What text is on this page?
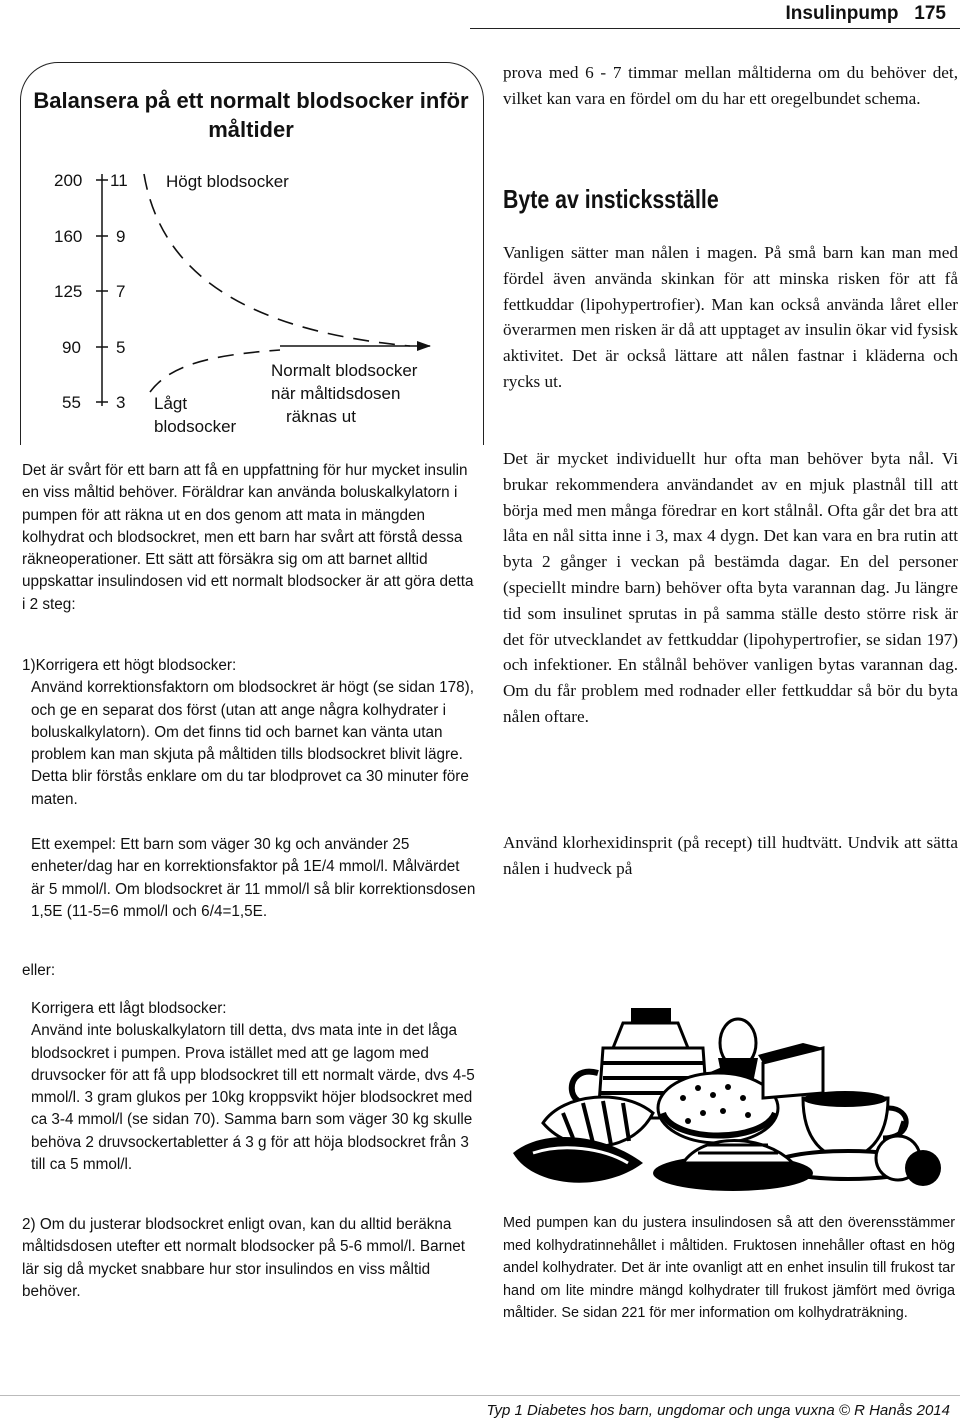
Insulinpump 175
Balansera på ett normalt blodsocker inför
måltider
200
160
125
90
55
11
9
7
5
3
Högt blodsocker
Lågt
blodsocker
Normalt blodsocker
när måltidsdosen
räknas ut

Det är svårt för ett barn att få en uppfattning för hur mycket insulin en viss måltid behöver. Föräldrar kan använda boluskalkylatorn i pumpen för att räkna ut en dos genom att mata in mängden kolhydrat och blodsockret, men ett barn har svårt att förstå dessa räkneoperationer. Ett sätt att försäkra sig om att barnet alltid uppskattar insulindosen vid ett normalt blodsocker är att göra detta i 2 steg:

1)Korrigera ett högt blodsocker:

Använd korrektionsfaktorn om blodsockret är högt (se sidan 178), och ge en separat dos först (utan att ange några kolhydrater i boluskalkylatorn). Om det finns tid och barnet kan vänta utan problem kan man skjuta på måltiden tills blodsockret blivit lägre. Detta blir förstås enklare om du tar blodprovet ca 30 minuter före maten.

Ett exempel: Ett barn som väger 30 kg och använder 25 enheter/dag har en korrektionsfaktor på 1E/4 mmol/l. Målvärdet är 5 mmol/l. Om blodsockret är 11 mmol/l så blir korrektionsdosen 1,5E (11-5=6 mmol/l och 6/4=1,5E.

eller:

Korrigera ett lågt blodsocker:

Använd inte boluskalkylatorn till detta, dvs mata inte in det låga blodsockret i pumpen. Prova istället med att ge lagom med druvsocker för att få upp blodsockret till ett normalt värde, dvs 4-5 mmol/l. 3 gram glukos per 10kg kroppsvikt höjer blodsockret med ca 3-4 mmol/l (se sidan 70). Samma barn som väger 30 kg skulle behöva 2 druvsockertabletter á 3 g för att höja blodsockret från 3 till ca 5 mmol/l.

2) Om du justerar blodsockret enligt ovan, kan du alltid beräkna måltidsdosen utefter ett normalt blodsocker på 5-6 mmol/l. Barnet lär sig då mycket snabbare hur stor insulindos en viss måltid behöver.

prova med 6 - 7 timmar mellan måltiderna om du behöver det, vilket kan vara en fördel om du har ett oregelbundet schema.

Byte av insticksställe

Vanligen sätter man nålen i magen. På små barn kan man med fördel även använda skinkan för att minska risken för att få fettkuddar (lipohypertrofier). Man kan också använda låret eller överarmen men risken är då att upptaget av insulin ökar vid fysisk aktivitet. Det är också lättare att nålen fastnar i kläderna och rycks ut.

Det är mycket individuellt hur ofta man behöver byta nål. Vi brukar rekommendera användandet av en mjuk plastnål till att börja med men många föredrar en kort stålnål. Ofta går det bra att låta en nål sitta inne i 3, max 4 dygn. Det kan vara en bra rutin att byta 2 gånger i veckan på bestämda dagar. En del personer (speciellt mindre barn) behöver ofta byta varannan dag. Ju längre tid som insulinet sprutas in på samma ställe desto större risk är det för utvecklandet av fettkuddar (lipohypertrofier, se sidan 197) och infektioner. En stålnål behöver vanligen bytas varannan dag. Om du får problem med rodnader eller fettkuddar så bör du byta nålen oftare.

Använd klorhexidinsprit (på recept) till hudtvätt. Undvik att sätta nålen i hudveck på

Med pumpen kan du justera insulindosen så att den överensstämmer med kolhydratinnehållet i måltiden. Fruktosen innehåller oftast en hög andel kolhydrater. Det är inte ovanligt att en enhet insulin till frukost tar hand om lite mindre mängd kolhydrater till frukost jämfört med övriga måltider. Se sidan 221 för mer information om kolhydraträkning.
Typ 1 Diabetes hos barn, ungdomar och unga vuxna © R Hanås 2014
